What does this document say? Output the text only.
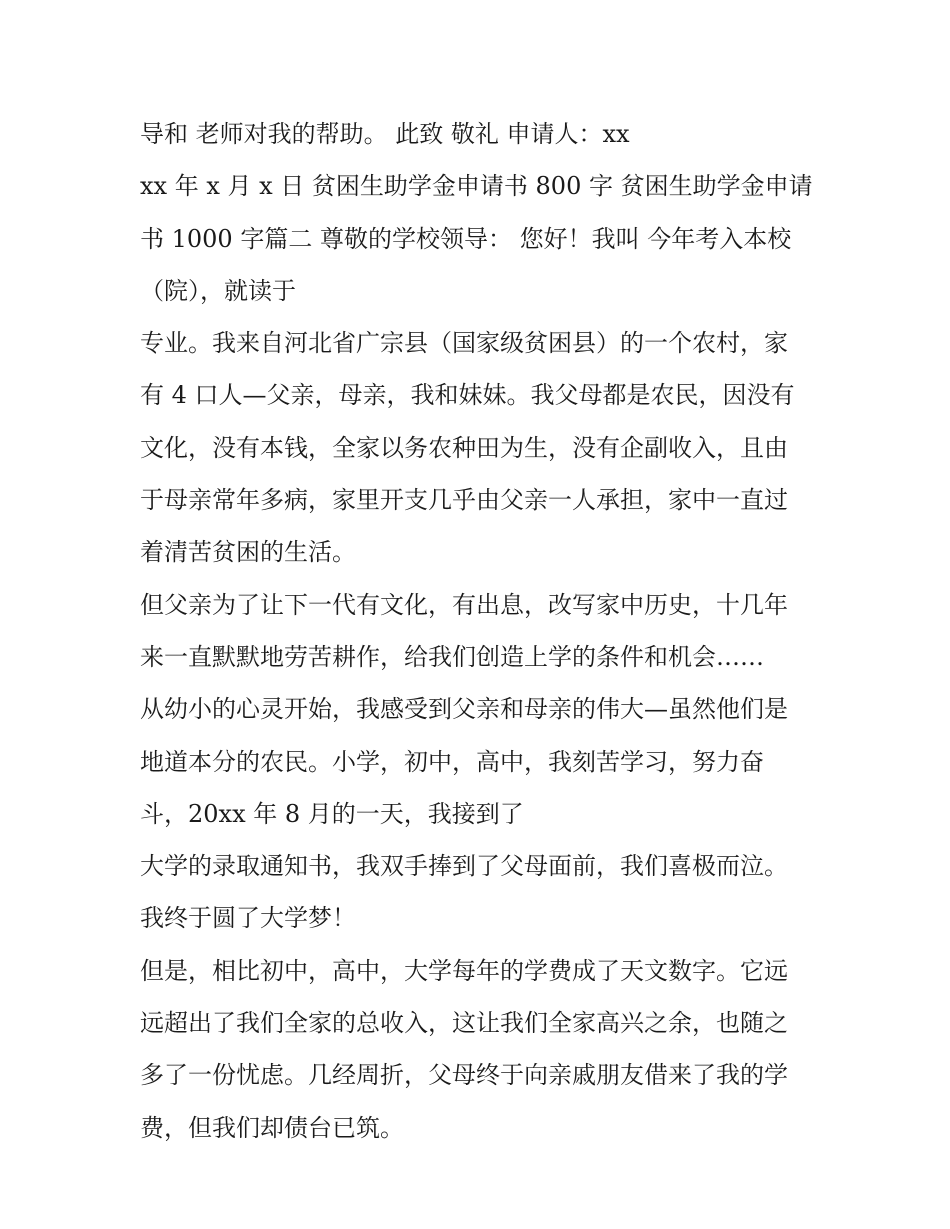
导和 老师对我的帮助。 此致 敬礼 申请人：xx
xx 年 x 月 x 日 贫困生助学金申请书 800 字 贫困生助学金申请
书 1000 字篇二 尊敬的学校领导： 您好！我叫 今年考入本校
（院），就读于
专业。我来自河北省广宗县（国家级贫困县）的一个农村，家
有 4 口人—父亲，母亲，我和妹妹。我父母都是农民，因没有
文化，没有本钱，全家以务农种田为生，没有企副收入，且由
于母亲常年多病，家里开支几乎由父亲一人承担，家中一直过
着清苦贫困的生活。
但父亲为了让下一代有文化，有出息，改写家中历史，十几年
来一直默默地劳苦耕作，给我们创造上学的条件和机会……
从幼小的心灵开始，我感受到父亲和母亲的伟大—虽然他们是
地道本分的农民。小学，初中，高中，我刻苦学习，努力奋
斗，20xx 年 8 月的一天，我接到了
大学的录取通知书，我双手捧到了父母面前，我们喜极而泣。
我终于圆了大学梦！
但是，相比初中，高中，大学每年的学费成了天文数字。它远
远超出了我们全家的总收入，这让我们全家高兴之余，也随之
多了一份忧虑。几经周折，父母终于向亲戚朋友借来了我的学
费，但我们却债台已筑。
